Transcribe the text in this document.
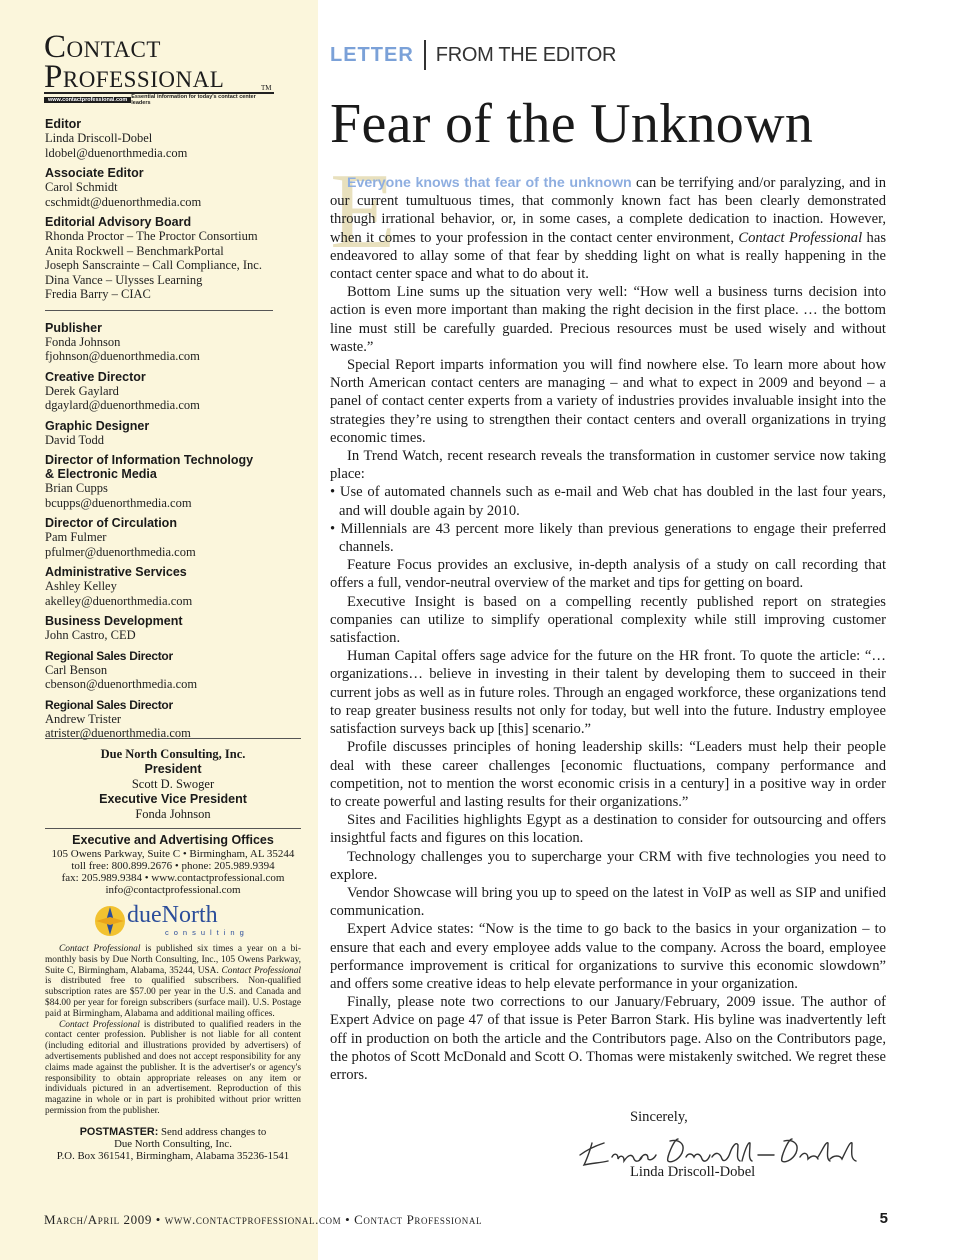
Contact
Professional	TM
www.contactprofessional.com Essential information for today's contact center leaders
Editor
Linda Driscoll-Dobel
ldobel@duenorthmedia.com
Associate Editor
Carol Schmidt
cschmidt@duenorthmedia.com
Editorial Advisory Board
Rhonda Proctor – The Proctor Consortium
Anita Rockwell – BenchmarkPortal
Joseph Sanscrainte – Call Compliance, Inc.
Dina Vance – Ulysses Learning
Fredia Barry – CIAC
Publisher
Fonda Johnson
fjohnson@duenorthmedia.com
Creative Director
Derek Gaylard
dgaylard@duenorthmedia.com
Graphic Designer
David Todd
Director of Information Technology
& Electronic Media
Brian Cupps
bcupps@duenorthmedia.com
Director of Circulation
Pam Fulmer
pfulmer@duenorthmedia.com
Administrative Services
Ashley Kelley
akelley@duenorthmedia.com
Business Development
John Castro, CED
Regional Sales Director
Carl Benson
cbenson@duenorthmedia.com
Regional Sales Director
Andrew Trister
atrister@duenorthmedia.com
Due North Consulting, Inc.
President
Scott D. Swoger
Executive Vice President
Fonda Johnson
Executive and Advertising Offices
105 Owens Parkway, Suite C • Birmingham, AL 35244
toll free: 800.899.2676 • phone: 205.989.9394
fax: 205.989.9384 • www.contactprofessional.com
info@contactprofessional.com
dueNorth
consulting
Contact Professional is published six times a year on a bi-monthly basis by Due North Consulting, Inc., 105 Owens Parkway, Suite C, Birmingham, Alabama, 35244, USA. Contact Professional is distributed free to qualified subscribers. Non-qualified subscription rates are $57.00 per year in the U.S. and Canada and $84.00 per year for foreign subscribers (surface mail). U.S. Postage paid at Birmingham, Alabama and additional mailing offices.
Contact Professional is distributed to qualified readers in the contact center profession. Publisher is not liable for all content (including editorial and illustrations provided by advertisers) of advertisements published and does not accept responsibility for any claims made against the publisher. It is the advertiser's or agency's responsibility to obtain appropriate releases on any item or individuals pictured in an advertisement. Reproduction of this magazine in whole or in part is prohibited without prior written permission from the publisher.
POSTMASTER: Send address changes to
Due North Consulting, Inc.
P.O. Box 361541, Birmingham, Alabama 35236-1541
LETTER FROM THE EDITOR
Fear of the Unknown
E

Everyone knows that fear of the unknown can be terrifying and/or paralyzing, and in our current tumultuous times, that commonly known fact has been clearly demonstrated through irrational behavior, or, in some cases, a complete dedication to inaction. However, when it comes to your profession in the contact center environment, Contact Professional has endeavored to allay some of that fear by shedding light on what is really happening in the contact center space and what to do about it.

Bottom Line sums up the situation very well: “How well a business turns decision into action is even more important than making the right decision in the first place. … the bottom line must still be carefully guarded. Precious resources must be used wisely and without waste.”

Special Report imparts information you will find nowhere else. To learn more about how North American contact centers are managing – and what to expect in 2009 and beyond – a panel of contact center experts from a variety of industries provides invaluable insight into the strategies they’re using to strengthen their contact centers and overall organizations in trying economic times.

In Trend Watch, recent research reveals the transformation in customer service now taking place:

• Use of automated channels such as e-mail and Web chat has doubled in the last four years, and will double again by 2010.

• Millennials are 43 percent more likely than previous generations to engage their preferred channels.

Feature Focus provides an exclusive, in-depth analysis of a study on call recording that offers a full, vendor-neutral overview of the market and tips for getting on board.

Executive Insight is based on a compelling recently published report on strategies companies can utilize to simplify operational complexity while still improving customer satisfaction.

Human Capital offers sage advice for the future on the HR front. To quote the article: “…organizations… believe in investing in their talent by developing them to succeed in their current jobs as well as in future roles. Through an engaged workforce, these organizations tend to reap greater business results not only for today, but well into the future. Industry employee satisfaction surveys back up [this] scenario.”

Profile discusses principles of honing leadership skills: “Leaders must help their people deal with these career challenges [economic fluctuations, company performance and competition, not to mention the worst economic crisis in a century] in a positive way in order to create powerful and lasting results for their organizations.”

Sites and Facilities highlights Egypt as a destination to consider for outsourcing and offers insightful facts and figures on this location.

Technology challenges you to supercharge your CRM with five technologies you need to explore.

Vendor Showcase will bring you up to speed on the latest in VoIP as well as SIP and unified communication.

Expert Advice states: “Now is the time to go back to the basics in your organization – to ensure that each and every employee adds value to the company. Across the board, employee performance improvement is critical for organizations to survive this economic slowdown” and offers some creative ideas to help elevate performance in your organization.

Finally, please note two corrections to our January/February, 2009 issue. The author of Expert Advice on page 47 of that issue is Peter Barron Stark. His byline was inadvertently left off in production on both the article and the Contributors page. Also on the Contributors page, the photos of Scott McDonald and Scott O. Thomas were mistakenly switched. We regret these errors.

Sincerely,
Linda Driscoll-Dobel
March/April 2009 • www.contactprofessional.com • Contact Professional	5
